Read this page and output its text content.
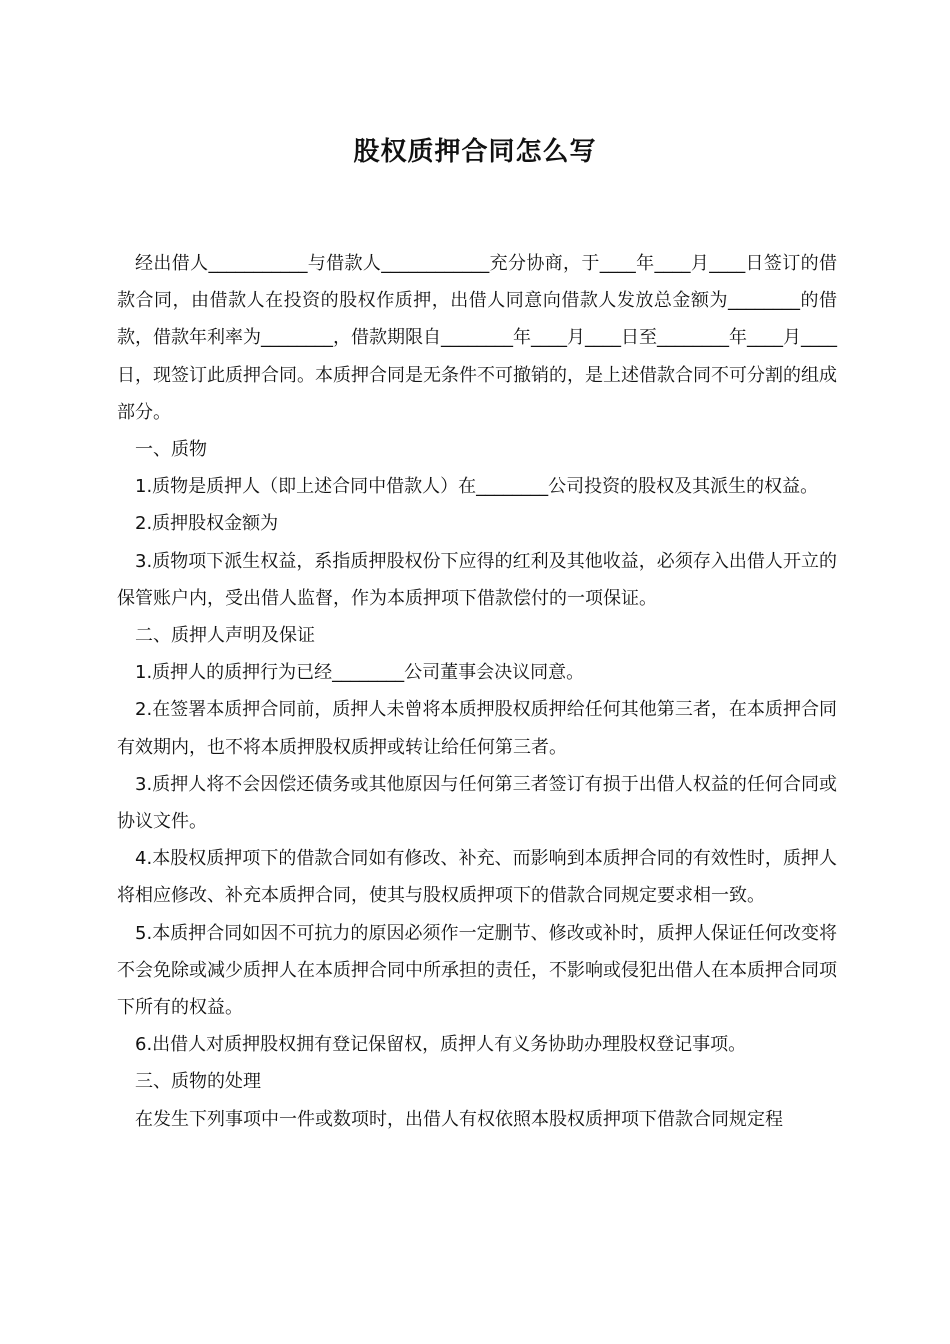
股权质押合同怎么写

经出借人___________与借款人____________充分协商，于____年____月____日签订的借款合同，由借款人在投资的股权作质押，出借人同意向借款人发放总金额为________的借款，借款年利率为________，借款期限自________年____月____日至________年____月____日，现签订此质押合同。本质押合同是无条件不可撤销的，是上述借款合同不可分割的组成部分。

一、质物

1.质物是质押人（即上述合同中借款人）在________公司投资的股权及其派生的权益。

2.质押股权金额为

3.质物项下派生权益，系指质押股权份下应得的红利及其他收益，必须存入出借人开立的保管账户内，受出借人监督，作为本质押项下借款偿付的一项保证。

二、质押人声明及保证

1.质押人的质押行为已经________公司董事会决议同意。

2.在签署本质押合同前，质押人未曾将本质押股权质押给任何其他第三者，在本质押合同有效期内，也不将本质押股权质押或转让给任何第三者。

3.质押人将不会因偿还债务或其他原因与任何第三者签订有损于出借人权益的任何合同或协议文件。

4.本股权质押项下的借款合同如有修改、补充、而影响到本质押合同的有效性时，质押人将相应修改、补充本质押合同，使其与股权质押项下的借款合同规定要求相一致。

5.本质押合同如因不可抗力的原因必须作一定删节、修改或补时，质押人保证任何改变将不会免除或减少质押人在本质押合同中所承担的责任，不影响或侵犯出借人在本质押合同项下所有的权益。

6.出借人对质押股权拥有登记保留权，质押人有义务协助办理股权登记事项。

三、质物的处理

在发生下列事项中一件或数项时，出借人有权依照本股权质押项下借款合同规定程
